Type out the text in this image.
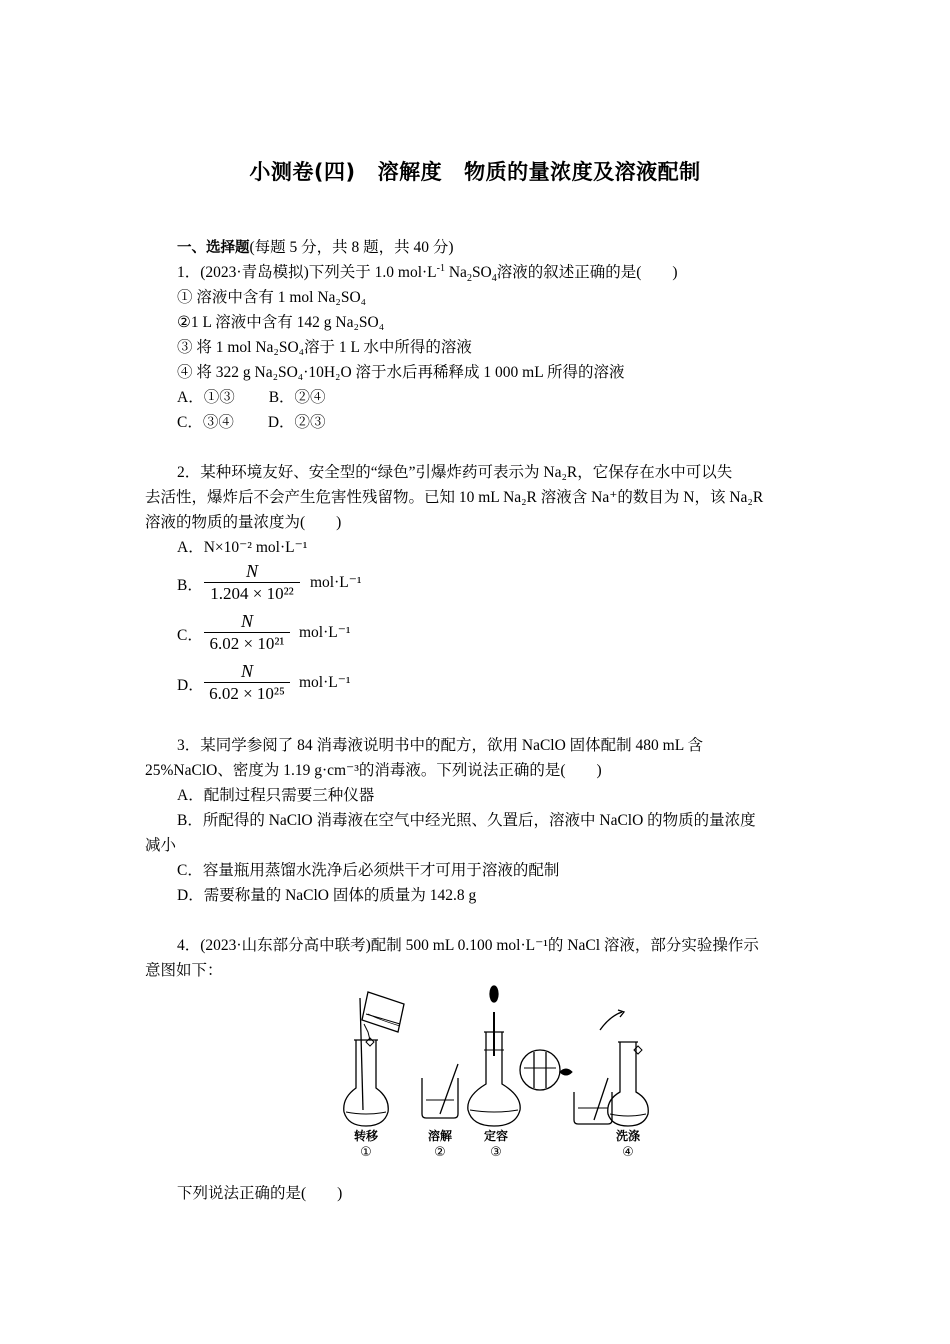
小测卷(四) 溶解度 物质的量浓度及溶液配制
一、选择题(每题 5 分，共 8 题，共 40 分)
1．(2023·青岛模拟)下列关于 1.0 $mol\cdot L^{-1}$ $Na_2SO_4$溶液的叙述正确的是(　　)
① 溶液中含有 1 mol Na₂SO₄
②1 L 溶液中含有 142 g Na₂SO₄
③ 将 1 mol Na₂SO₄溶于 1 L 水中所得的溶液
④ 将 322 g Na₂SO₄·10H₂O 溶于水后再稀释成 1 000 mL 所得的溶液
A．①③ B．②④
C．③④ D．②③
2．某种环境友好、安全型的“绿色”引爆炸药可表示为 Na₂R，它保存在水中可以失
去活性，爆炸后不会产生危害性残留物。已知 10 mL Na₂R 溶液含 Na⁺的数目为 N，该 Na₂R
溶液的物质的量浓度为(　　)
A．N×10⁻² mol·L⁻¹
B．
N
1.204 × 10²²
mol·L⁻¹
C．
N
6.02 × 10²¹
mol·L⁻¹
D．
N
6.02 × 10²⁵
mol·L⁻¹
3．某同学参阅了 84 消毒液说明书中的配方，欲用 NaClO 固体配制 480 mL 含
25%NaClO、密度为 1.19 g·cm⁻³的消毒液。下列说法正确的是(　　)
A．配制过程只需要三种仪器
B．所配得的 NaClO 消毒液在空气中经光照、久置后，溶液中 NaClO 的物质的量浓度
减小
C．容量瓶用蒸馏水洗净后必须烘干才可用于溶液的配制
D．需要称量的 NaClO 固体的质量为 142.8 g
4．(2023·山东部分高中联考)配制 500 mL 0.100 mol·L⁻¹的 NaCl 溶液，部分实验操作示
意图如下：
转移	溶解	定容	洗涤
①	②	③	④
下列说法正确的是(　　)
